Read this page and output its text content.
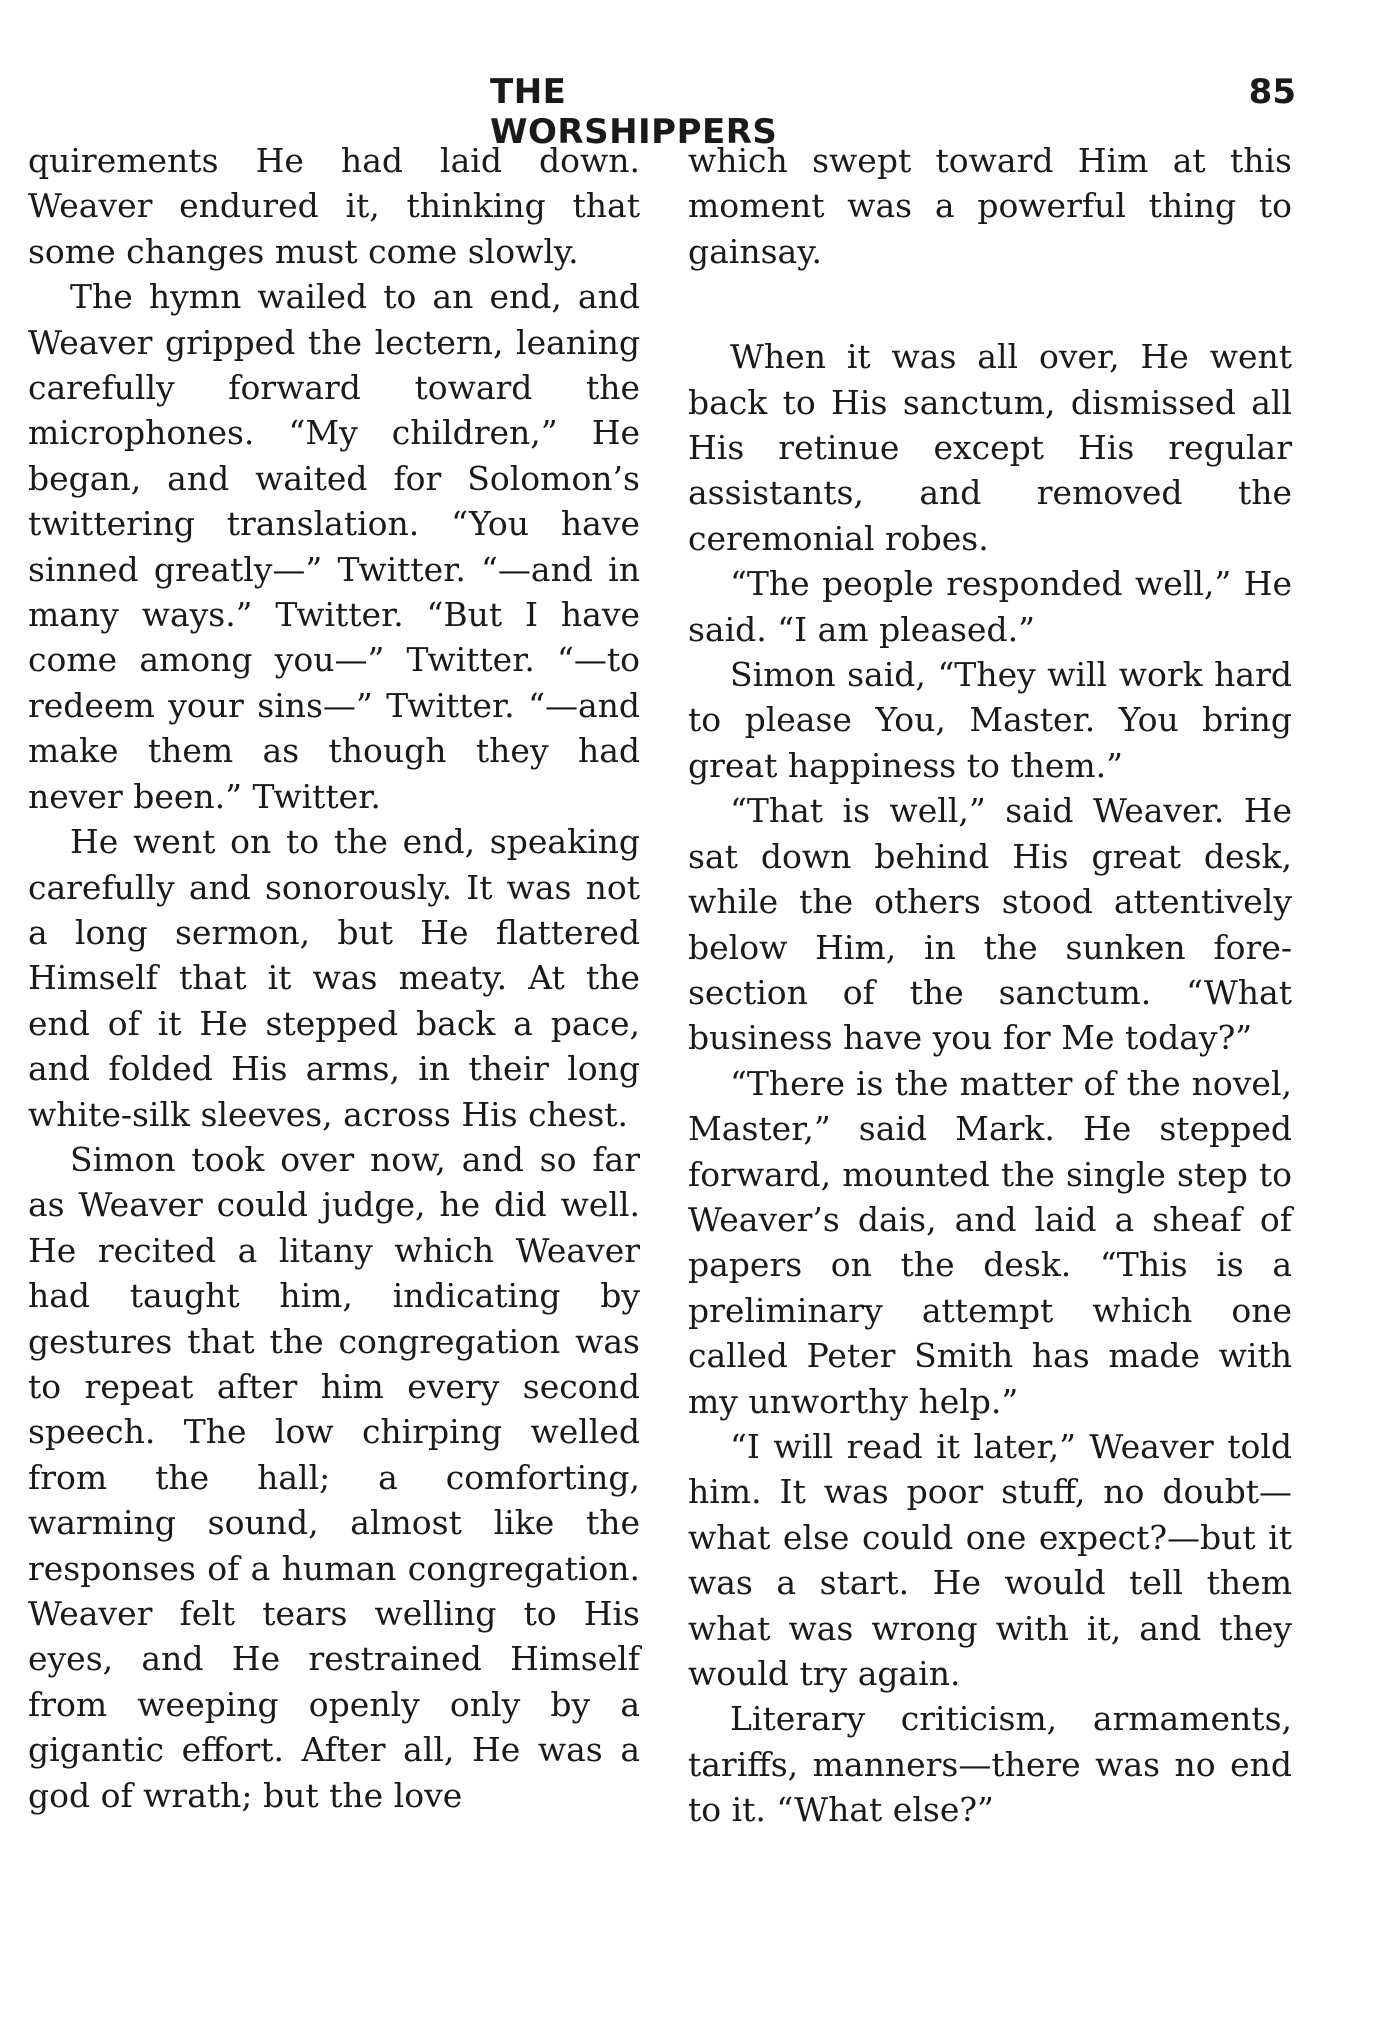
THE WORSHIPPERS
85

quirements He had laid down. Weaver endured it, thinking that some changes must come slowly.

The hymn wailed to an end, and Weaver gripped the lectern, leaning carefully forward toward the microphones. “My children,” He began, and waited for Solomon’s twittering translation. “You have sinned greatly—” Twitter. “—and in many ways.” Twitter. “But I have come among you—” Twitter. “—to redeem your sins—” Twitter. “—and make them as though they had never been.” Twitter.

He went on to the end, speaking carefully and sonorously. It was not a long sermon, but He flattered Himself that it was meaty. At the end of it He stepped back a pace, and folded His arms, in their long white-silk sleeves, across His chest.

Simon took over now, and so far as Weaver could judge, he did well. He recited a litany which Weaver had taught him, indicating by gestures that the congregation was to repeat after him every second speech. The low chirping welled from the hall; a comforting, warming sound, almost like the responses of a human congregation. Weaver felt tears welling to His eyes, and He restrained Himself from weeping openly only by a gigantic effort. After all, He was a god of wrath; but the love

which swept toward Him at this moment was a powerful thing to gainsay.

When it was all over, He went back to His sanctum, dismissed all His retinue except His regular assistants, and removed the ceremonial robes.

“The people responded well,” He said. “I am pleased.”

Simon said, “They will work hard to please You, Master. You bring great happiness to them.”

“That is well,” said Weaver. He sat down behind His great desk, while the others stood attentively below Him, in the sunken fore-section of the sanctum. “What business have you for Me today?”

“There is the matter of the novel, Master,” said Mark. He stepped forward, mounted the single step to Weaver’s dais, and laid a sheaf of papers on the desk. “This is a preliminary attempt which one called Peter Smith has made with my unworthy help.”

“I will read it later,” Weaver told him. It was poor stuff, no doubt—what else could one expect?—but it was a start. He would tell them what was wrong with it, and they would try again.

Literary criticism, armaments, tariffs, manners—there was no end to it. “What else?”
